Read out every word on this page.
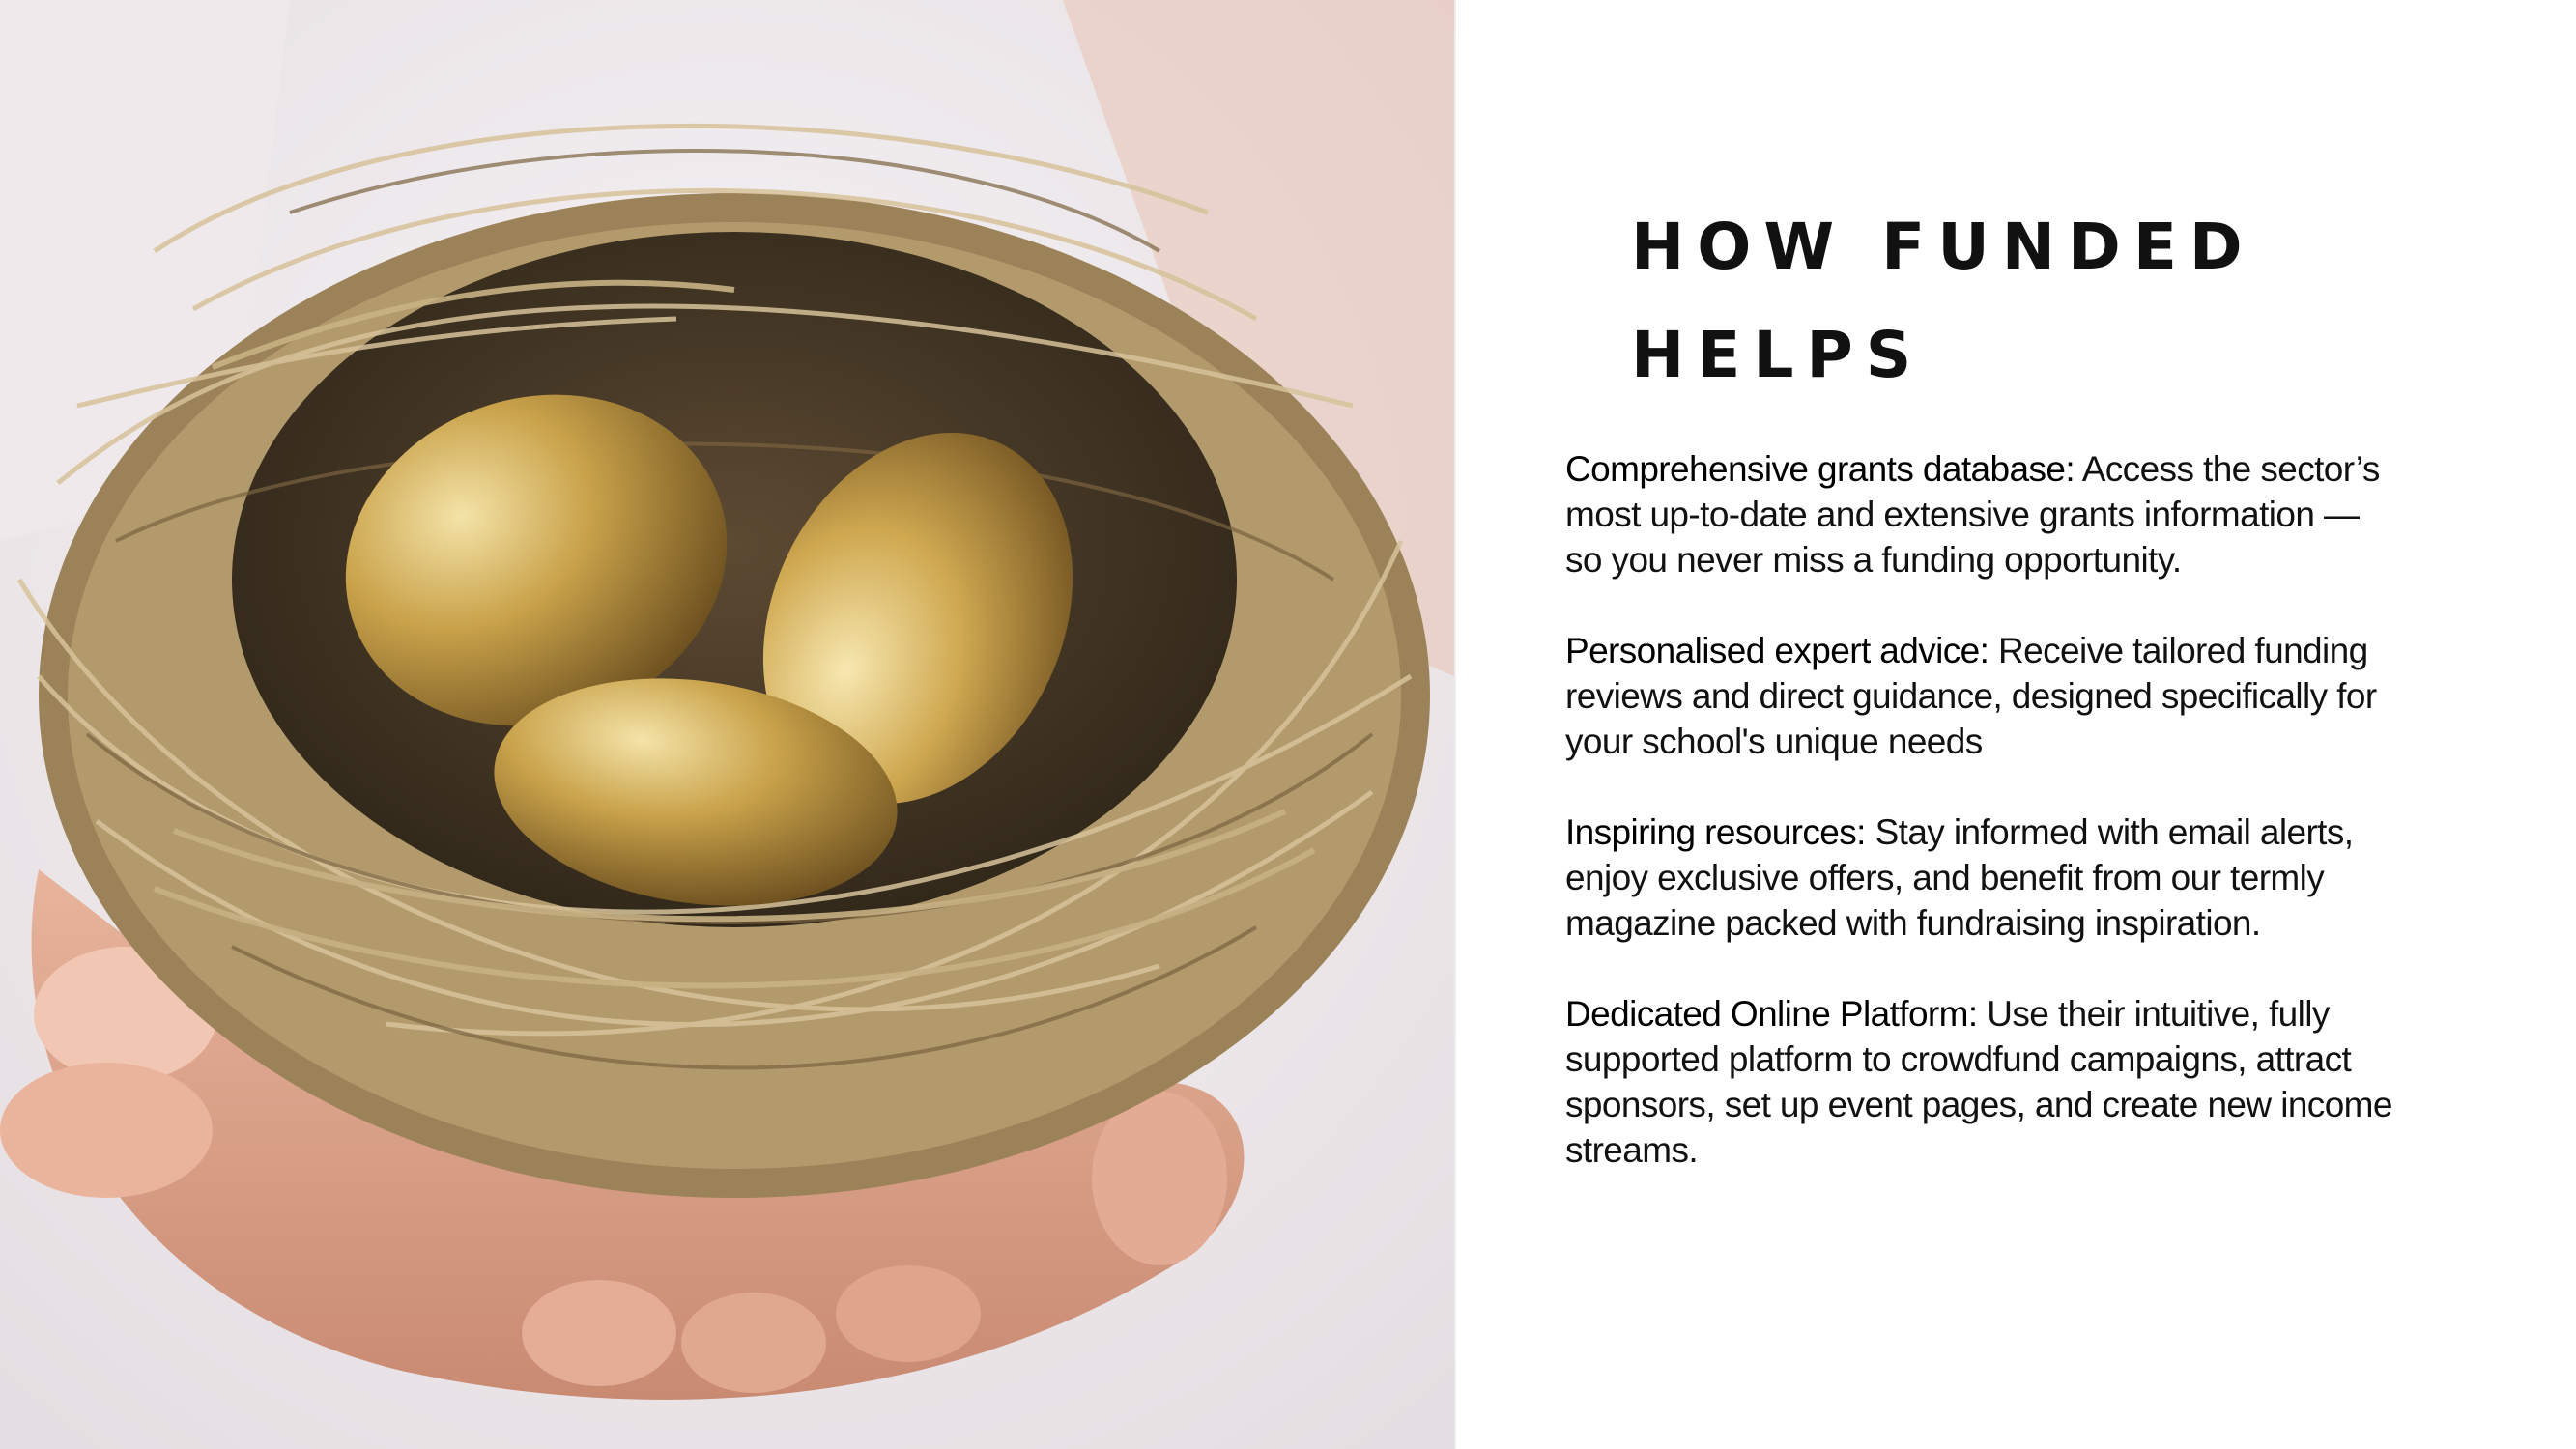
HOW FUNDED HELPS
Comprehensive grants database: Access the sector’s most up-to-date and extensive grants information — so you never miss a funding opportunity.
Personalised expert advice: Receive tailored funding reviews and direct guidance, designed specifically for your school's unique needs
Inspiring resources: Stay informed with email alerts, enjoy exclusive offers, and benefit from our termly magazine packed with fundraising inspiration.
Dedicated Online Platform: Use their intuitive, fully supported platform to crowdfund campaigns, attract sponsors, set up event pages, and create new income streams.
